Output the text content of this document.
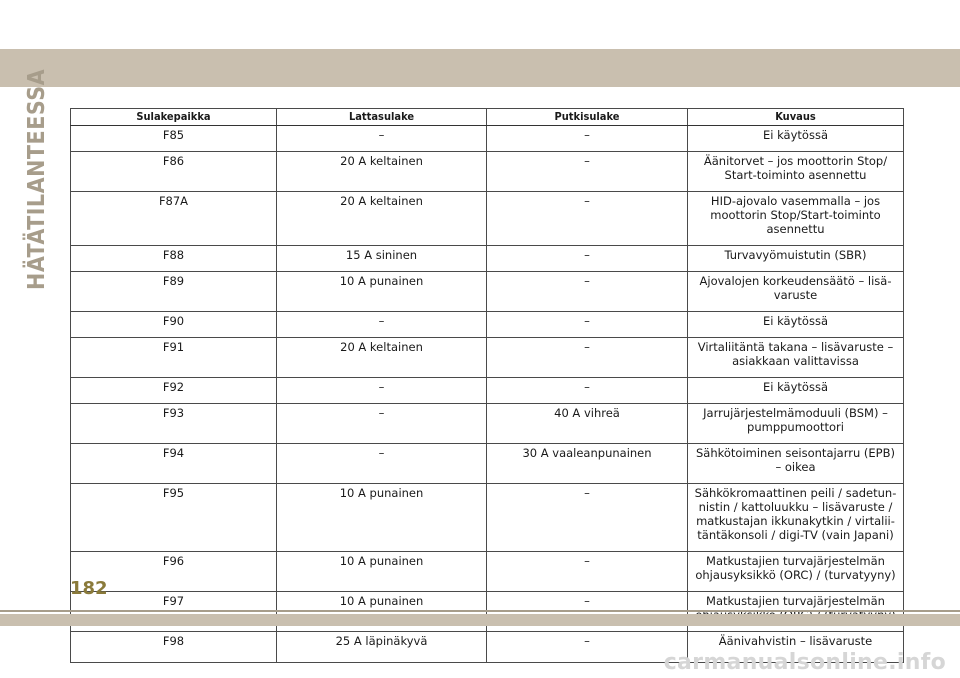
HÄTÄTILANTEESSA	Sulakepaikka	Lattasulake	Putkisulake	Kuvaus
F85	–	–	Ei käytössä
F86	20 A keltainen	–	Äänitorvet – jos moottorin Stop/
Start-toiminto asennettu
F87A	20 A keltainen	–	HID-ajovalo vasemmalla – jos
moottorin Stop/Start-toiminto
asennettu
F88	15 A sininen	–	Turvavyömuistutin (SBR)
F89	10 A punainen	–	Ajovalojen korkeudensäätö – lisä-
varuste
F90	–	–	Ei käytössä
F91	20 A keltainen	–	Virtaliitäntä takana – lisävaruste –
asiakkaan valittavissa
F92	–	–	Ei käytössä
F93	–	40 A vihreä	Jarrujärjestelmämoduuli (BSM) –
pumppumoottori
F94	–	30 A vaaleanpunainen	Sähkötoiminen seisontajarru (EPB)
– oikea
F95	10 A punainen	–	Sähkökromaattinen peili / sadetun-
nistin / kattoluukku – lisävaruste /
matkustajan ikkunakytkin / virtalii-
täntäkonsoli / digi-TV (vain Japani)
F96	10 A punainen	–	Matkustajien turvajärjestelmän
ohjausyksikkö (ORC) / (turvatyyny)
F97	10 A punainen	–	Matkustajien turvajärjestelmän

F98	25 A läpinäkyvä	–	Äänivahvistin – lisävaruste
182
carmanualsonline.info
